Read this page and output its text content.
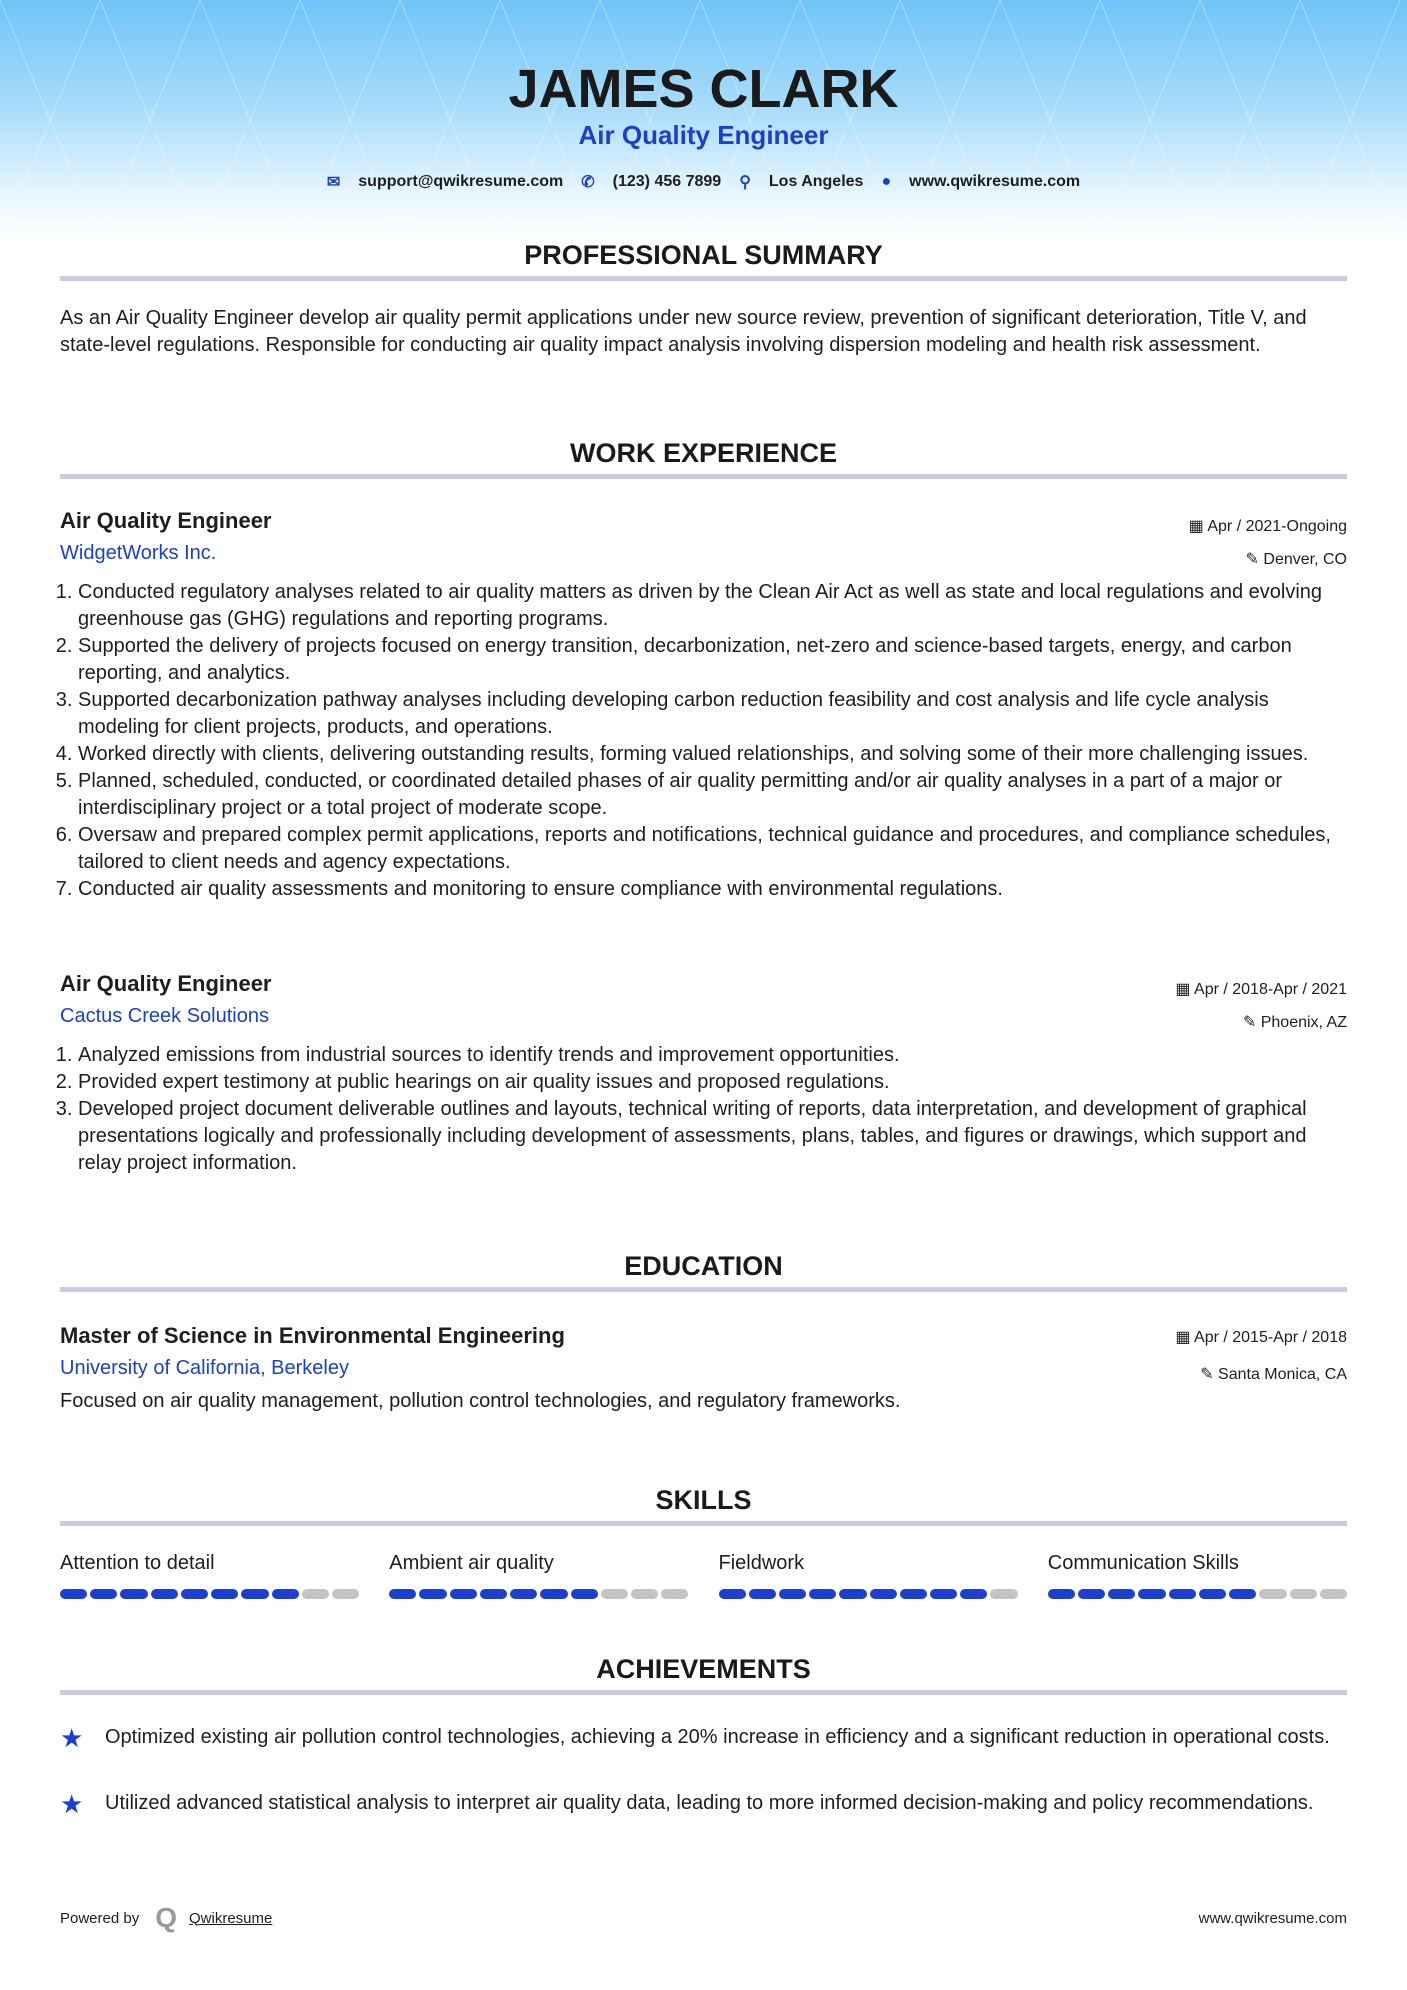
JAMES CLARK
Air Quality Engineer
✉ support@qwikresume.com ✆ (123) 456 7899 ⚲ Los Angeles ● www.qwikresume.com
PROFESSIONAL SUMMARY

As an Air Quality Engineer develop air quality permit applications under new source review, prevention of significant deterioration, Title V, and state-level regulations. Responsible for conducting air quality impact analysis involving dispersion modeling and health risk assessment.

WORK EXPERIENCE
Air Quality Engineer
WidgetWorks Inc.
▦ Apr / 2021-Ongoing
✎ Denver, CO
1. Conducted regulatory analyses related to air quality matters as driven by the Clean Air Act as well as state and local regulations and evolving greenhouse gas (GHG) regulations and reporting programs.
2. Supported the delivery of projects focused on energy transition, decarbonization, net-zero and science-based targets, energy, and carbon reporting, and analytics.
3. Supported decarbonization pathway analyses including developing carbon reduction feasibility and cost analysis and life cycle analysis modeling for client projects, products, and operations.
4. Worked directly with clients, delivering outstanding results, forming valued relationships, and solving some of their more challenging issues.
5. Planned, scheduled, conducted, or coordinated detailed phases of air quality permitting and/or air quality analyses in a part of a major or interdisciplinary project or a total project of moderate scope.
6. Oversaw and prepared complex permit applications, reports and notifications, technical guidance and procedures, and compliance schedules, tailored to client needs and agency expectations.
7. Conducted air quality assessments and monitoring to ensure compliance with environmental regulations.
Air Quality Engineer
Cactus Creek Solutions
▦ Apr / 2018-Apr / 2021
✎ Phoenix, AZ
1. Analyzed emissions from industrial sources to identify trends and improvement opportunities.
2. Provided expert testimony at public hearings on air quality issues and proposed regulations.
3. Developed project document deliverable outlines and layouts, technical writing of reports, data interpretation, and development of graphical presentations logically and professionally including development of assessments, plans, tables, and figures or drawings, which support and relay project information.
EDUCATION
Master of Science in Environmental Engineering
University of California, Berkeley
▦ Apr / 2015-Apr / 2018
✎ Santa Monica, CA

Focused on air quality management, pollution control technologies, and regulatory frameworks.

SKILLS
Attention to detail	Ambient air quality	Fieldwork	Communication Skills
ACHIEVEMENTS
★	Optimized existing air pollution control technologies, achieving a 20% increase in efficiency and a significant reduction in operational costs.
★	Utilized advanced statistical analysis to interpret air quality data, leading to more informed decision-making and policy recommendations.
Powered by Q Qwikresume	www.qwikresume.com
